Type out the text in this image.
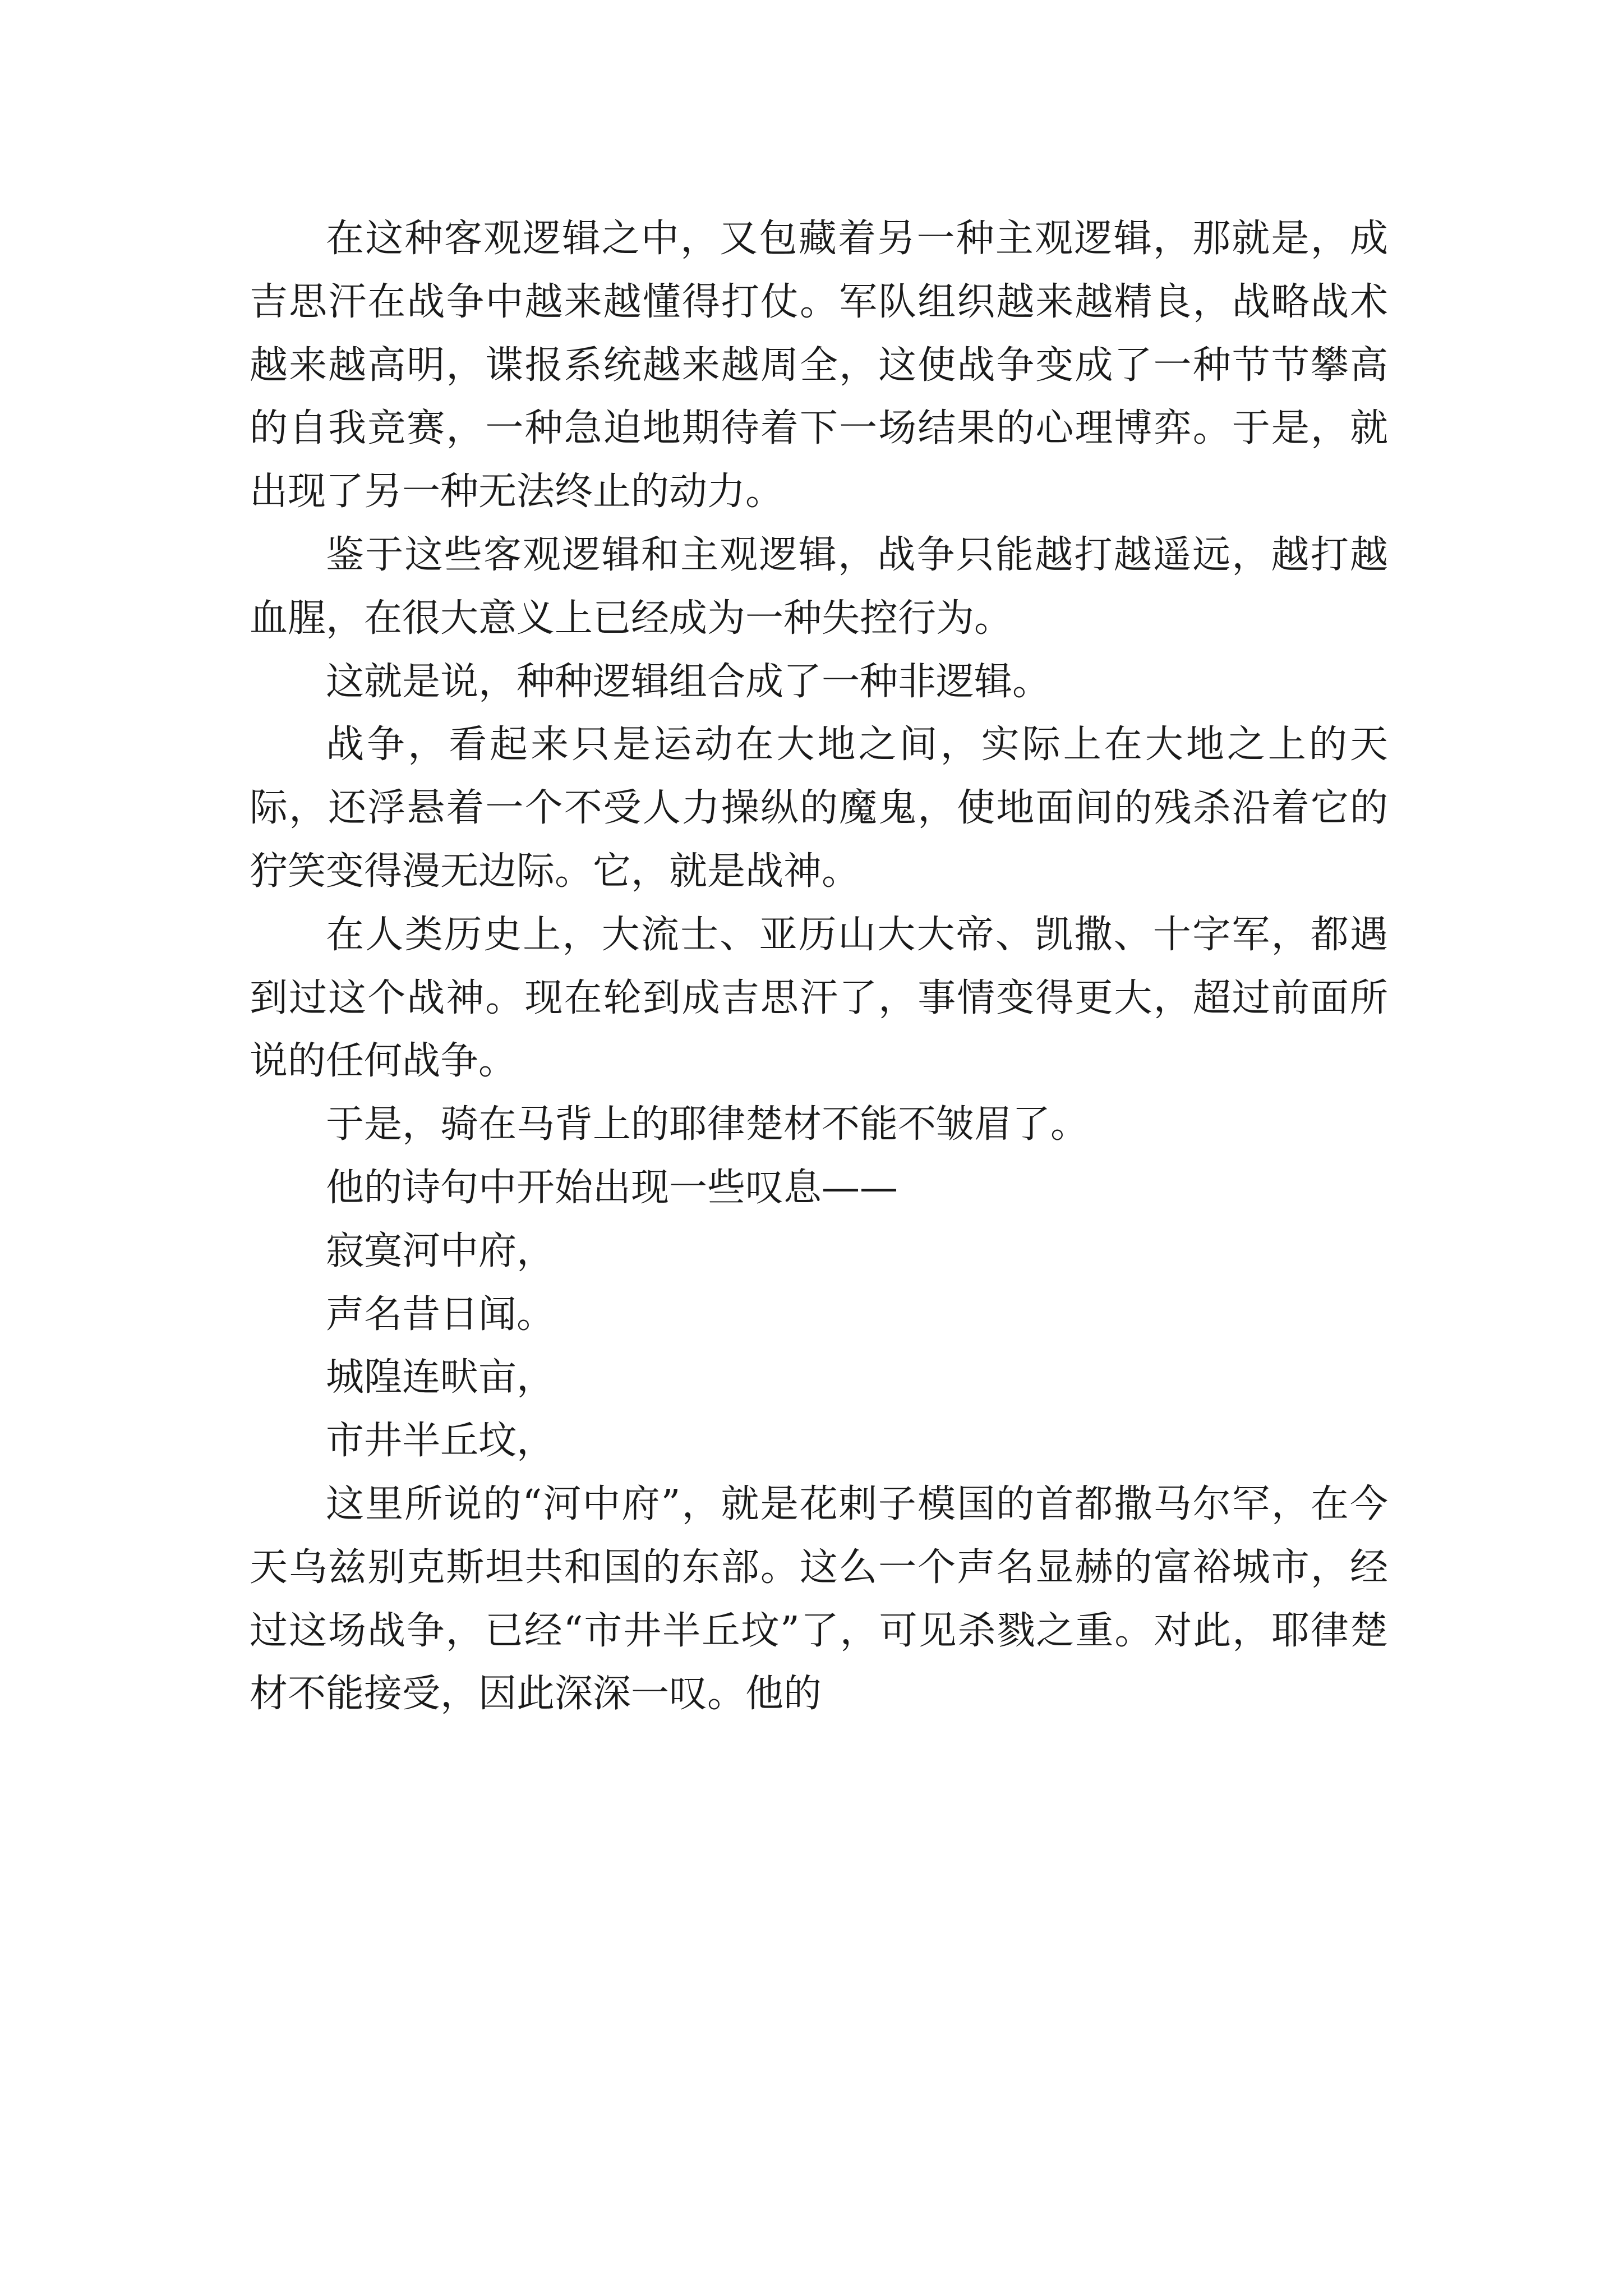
在这种客观逻辑之中，又包藏着另一种主观逻辑，那就是，成吉思汗在战争中越来越懂得打仗。军队组织越来越精良，战略战术越来越高明，谍报系统越来越周全，这使战争变成了一种节节攀高的自我竞赛，一种急迫地期待着下一场结果的心理博弈。于是，就出现了另一种无法终止的动力。

鉴于这些客观逻辑和主观逻辑，战争只能越打越遥远，越打越血腥，在很大意义上已经成为一种失控行为。

这就是说，种种逻辑组合成了一种非逻辑。

战争，看起来只是运动在大地之间，实际上在大地之上的天际，还浮悬着一个不受人力操纵的魔鬼，使地面间的残杀沿着它的狞笑变得漫无边际。它，就是战神。

在人类历史上，大流士、亚历山大大帝、凯撒、十字军，都遇到过这个战神。现在轮到成吉思汗了，事情变得更大，超过前面所说的任何战争。

于是，骑在马背上的耶律楚材不能不皱眉了。

他的诗句中开始出现一些叹息——

寂寞河中府，

声名昔日闻。

城隍连畎亩，

市井半丘坟，

这里所说的“河中府”，就是花剌子模国的首都撒马尔罕，在今天乌兹别克斯坦共和国的东部。这么一个声名显赫的富裕城市，经过这场战争，已经“市井半丘坟”了，可见杀戮之重。对此，耶律楚材不能接受，因此深深一叹。他的
